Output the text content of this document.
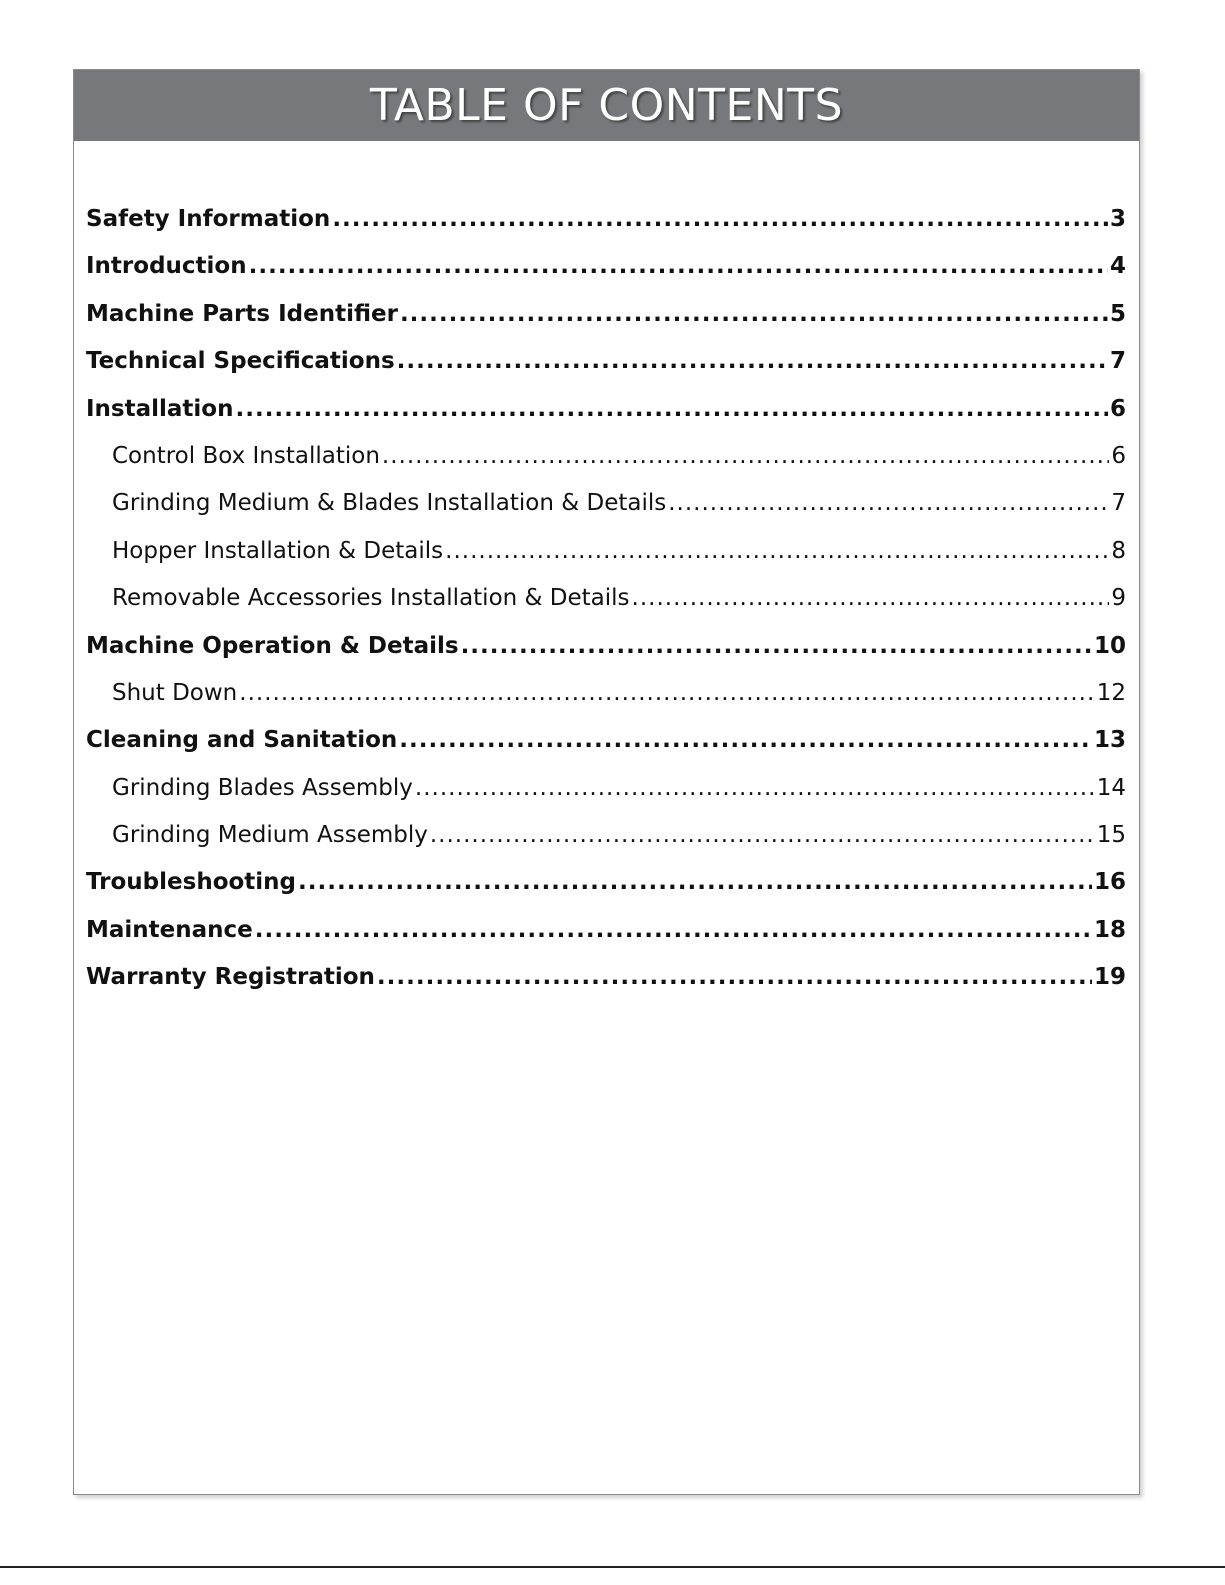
TABLE OF CONTENTS
Safety Information .....	3
Introduction .....	4
Machine Parts Identifier .....	5
Technical Specifications .....	7
Installation .....	6
Control Box Installation .....	6
Grinding Medium & Blades Installation & Details .....	7
Hopper Installation & Details .....	8
Removable Accessories Installation & Details .....	9
Machine Operation & Details .....	10
Shut Down .....	12
Cleaning and Sanitation .....	13
Grinding Blades Assembly .....	14
Grinding Medium Assembly .....	15
Troubleshooting .....	16
Maintenance .....	18
Warranty Registration .....	19
